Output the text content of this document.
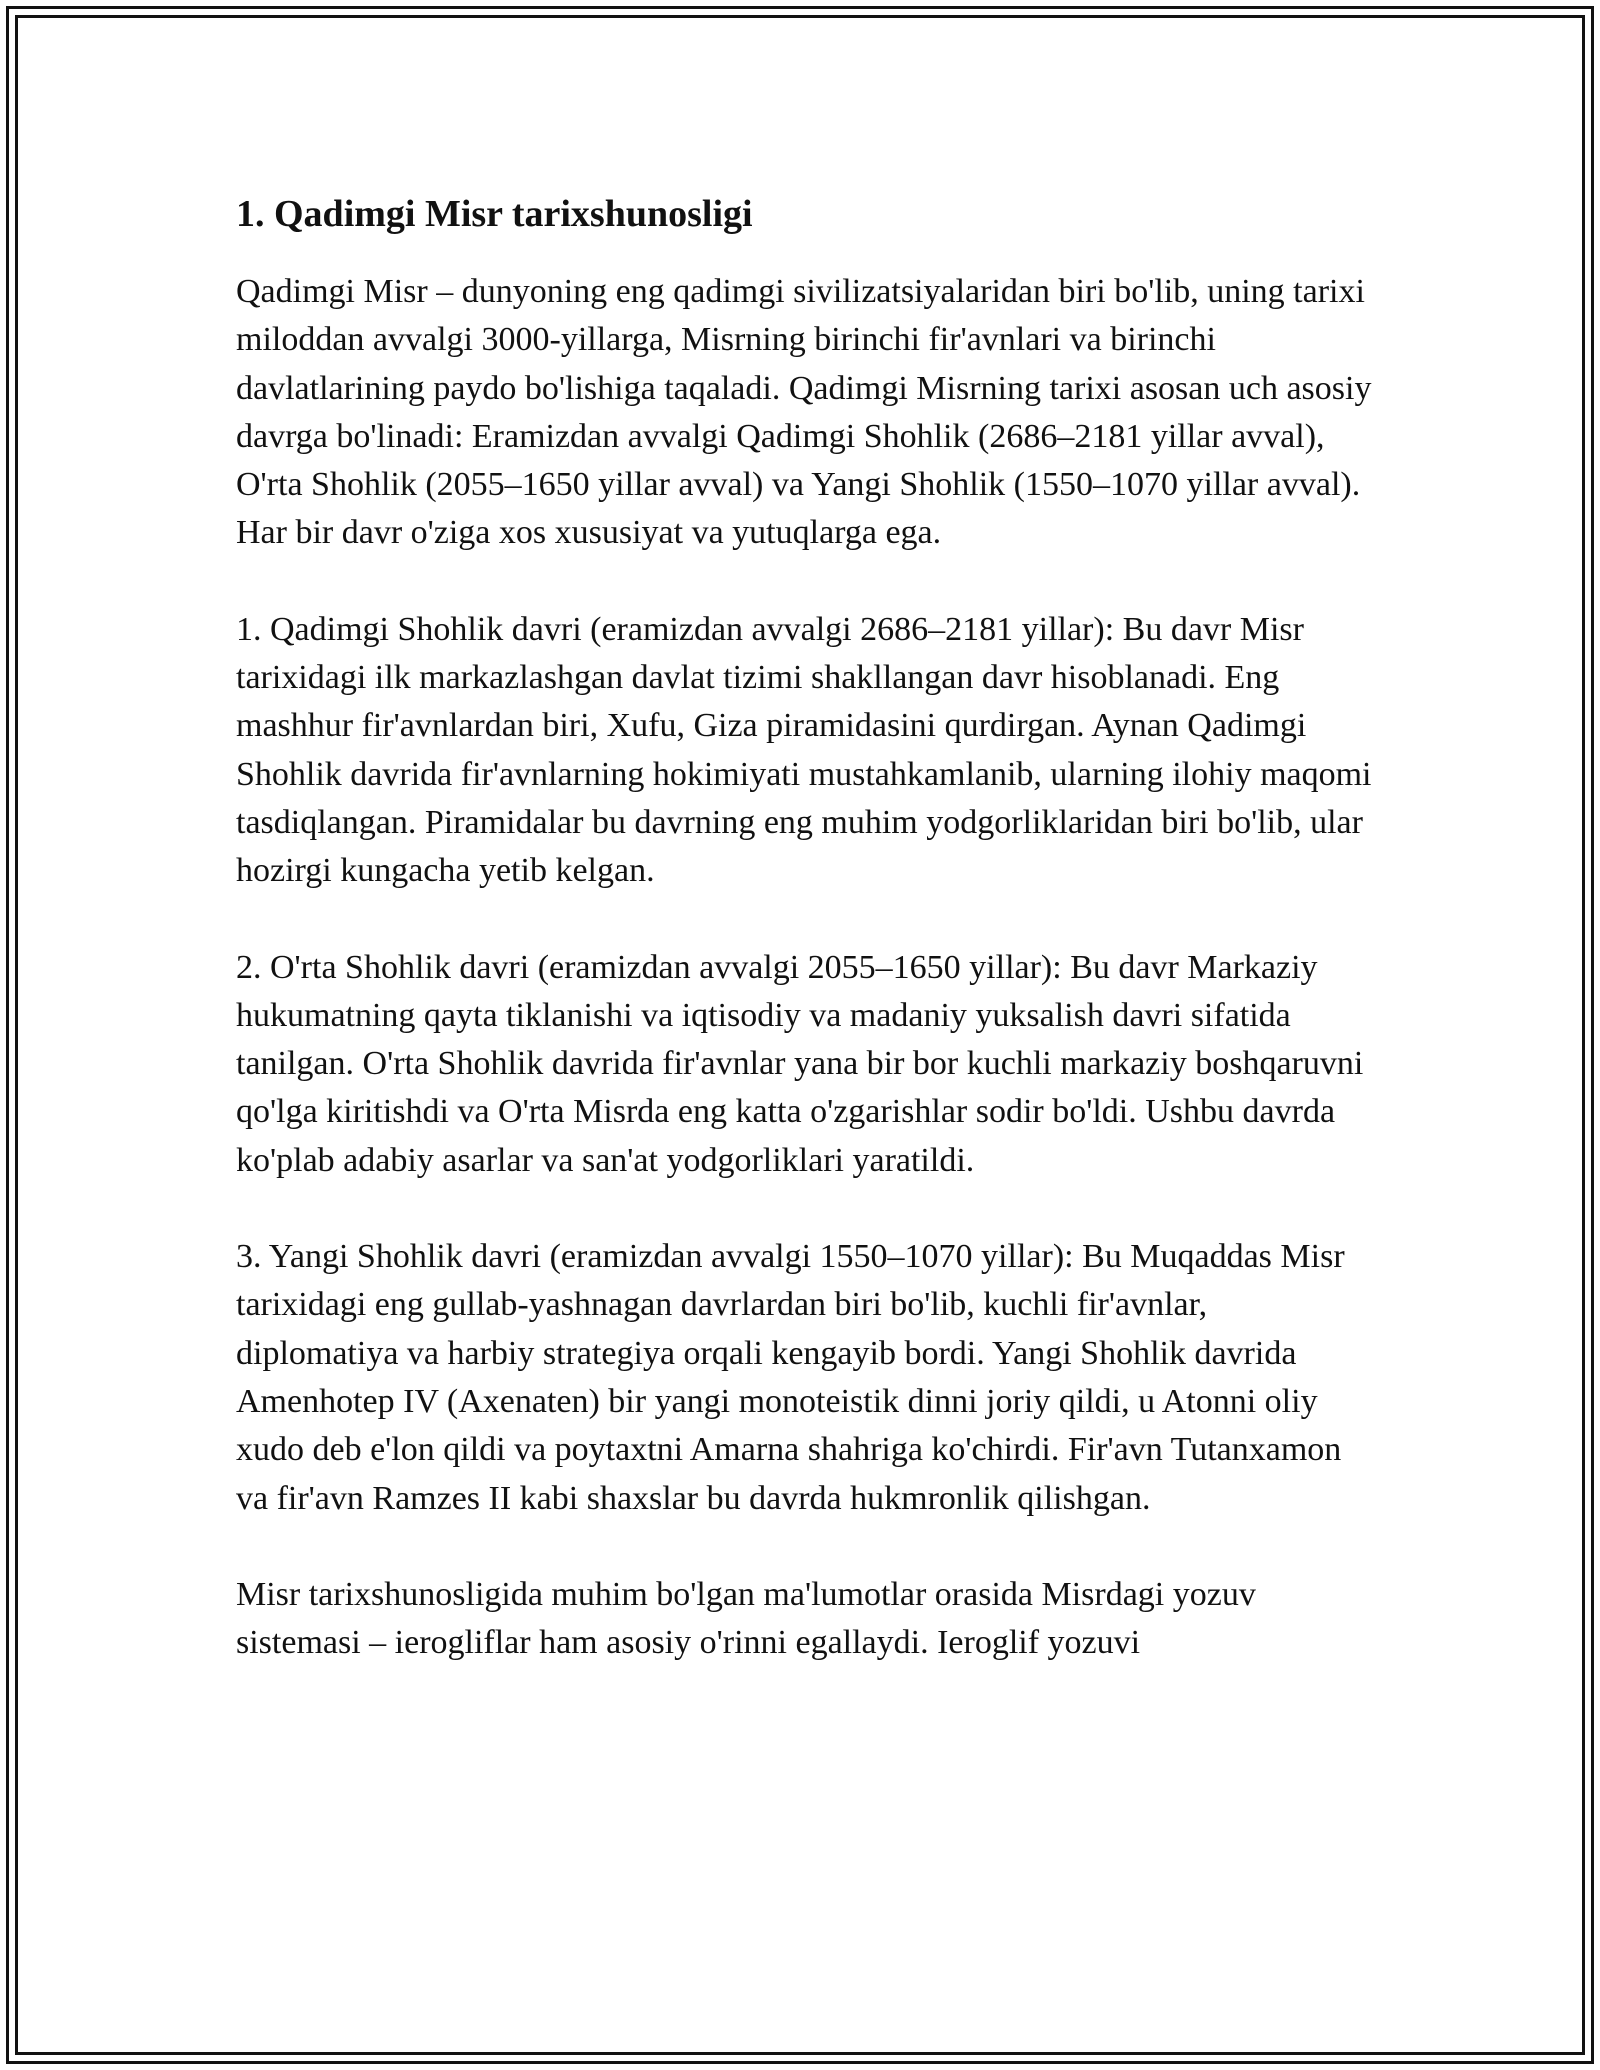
1. Qadimgi Misr tarixshunosligi

Qadimgi Misr – dunyoning eng qadimgi sivilizatsiyalaridan biri bo'lib, uning tarixi miloddan avvalgi 3000-yillarga, Misrning birinchi fir'avnlari va birinchi davlatlarining paydo bo'lishiga taqaladi. Qadimgi Misrning tarixi asosan uch asosiy davrga bo'linadi: Eramizdan avvalgi Qadimgi Shohlik (2686–2181 yillar avval), O'rta Shohlik (2055–1650 yillar avval) va Yangi Shohlik (1550–1070 yillar avval). Har bir davr o'ziga xos xususiyat va yutuqlarga ega.

1. Qadimgi Shohlik davri (eramizdan avvalgi 2686–2181 yillar): Bu davr Misr tarixidagi ilk markazlashgan davlat tizimi shakllangan davr hisoblanadi. Eng mashhur fir'avnlardan biri, Xufu, Giza piramidasini qurdirgan. Aynan Qadimgi Shohlik davrida fir'avnlarning hokimiyati mustahkamlanib, ularning ilohiy maqomi tasdiqlangan. Piramidalar bu davrning eng muhim yodgorliklaridan biri bo'lib, ular hozirgi kungacha yetib kelgan.

2. O'rta Shohlik davri (eramizdan avvalgi 2055–1650 yillar): Bu davr Markaziy hukumatning qayta tiklanishi va iqtisodiy va madaniy yuksalish davri sifatida tanilgan. O'rta Shohlik davrida fir'avnlar yana bir bor kuchli markaziy boshqaruvni qo'lga kiritishdi va O'rta Misrda eng katta o'zgarishlar sodir bo'ldi. Ushbu davrda ko'plab adabiy asarlar va san'at yodgorliklari yaratildi.

3. Yangi Shohlik davri (eramizdan avvalgi 1550–1070 yillar): Bu Muqaddas Misr tarixidagi eng gullab-yashnagan davrlardan biri bo'lib, kuchli fir'avnlar, diplomatiya va harbiy strategiya orqali kengayib bordi. Yangi Shohlik davrida Amenhotep IV (Axenaten) bir yangi monoteistik dinni joriy qildi, u Atonni oliy xudo deb e'lon qildi va poytaxtni Amarna shahriga ko'chirdi. Fir'avn Tutanxamon va fir'avn Ramzes II kabi shaxslar bu davrda hukmronlik qilishgan.

Misr tarixshunosligida muhim bo'lgan ma'lumotlar orasida Misrdagi yozuv sistemasi – ierogliflar ham asosiy o'rinni egallaydi. Ieroglif yozuvi
